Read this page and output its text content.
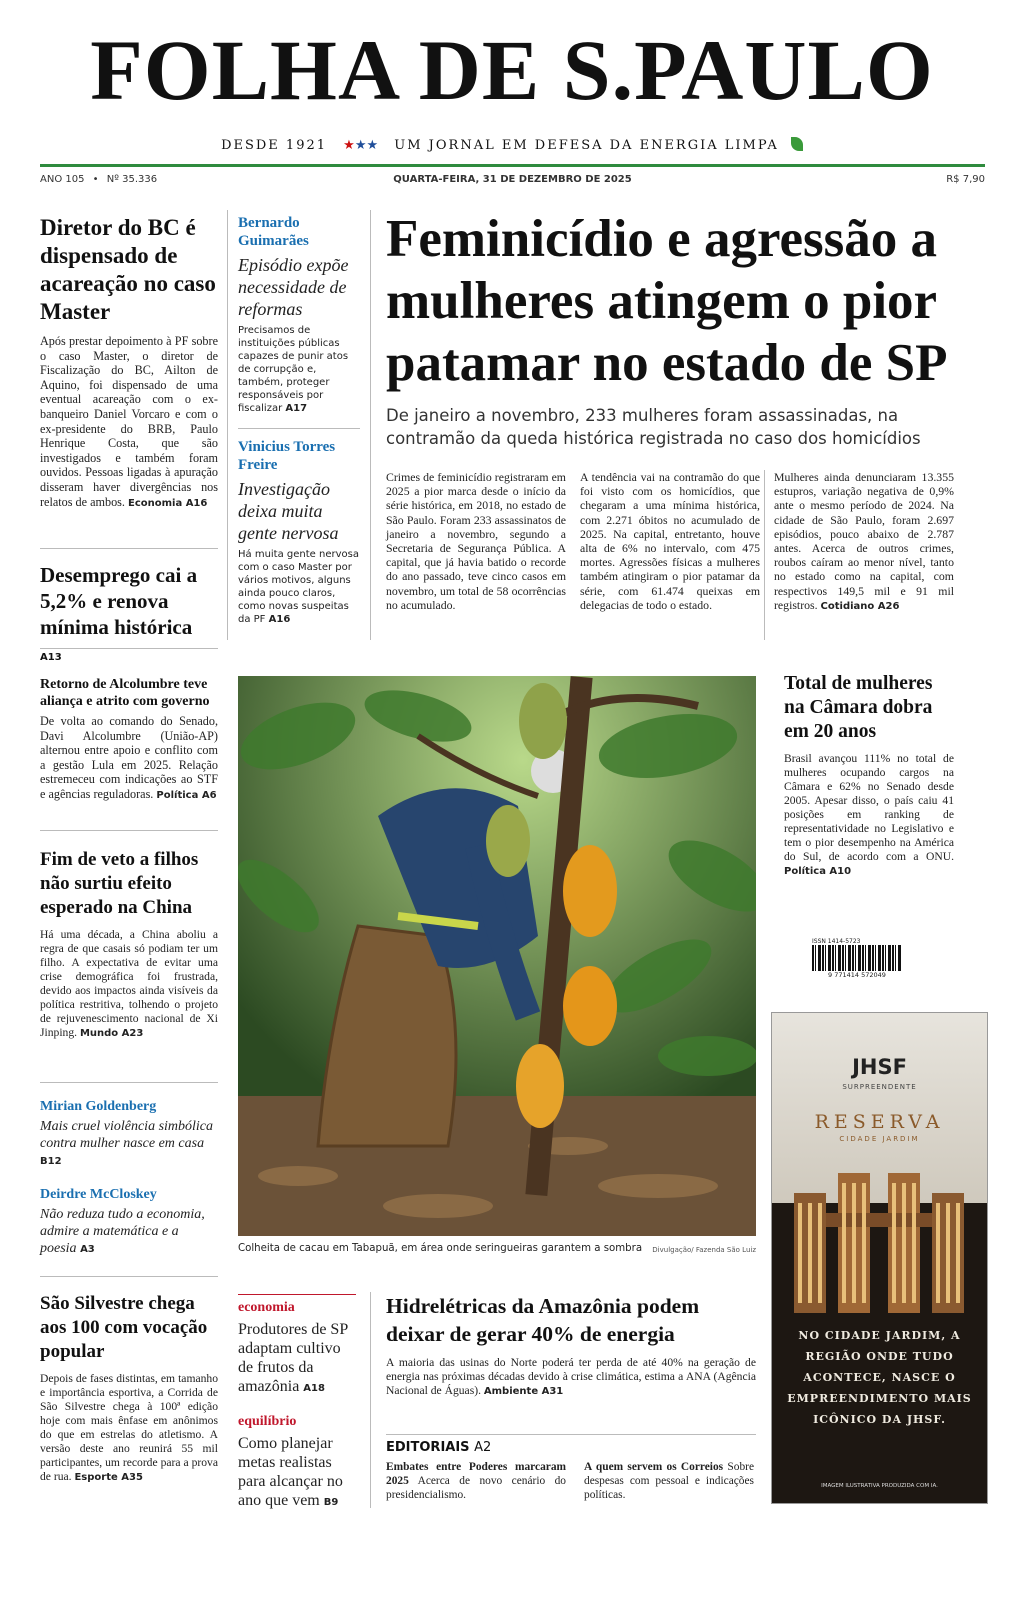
FOLHA DE S.PAULO
DESDE 1921 ★★★ UM JORNAL EM DEFESA DA ENERGIA LIMPA
ANO 105 • Nº 35.336	QUARTA-FEIRA, 31 DE DEZEMBRO DE 2025	R$ 7,90
Diretor do BC é dispensado de acareação no caso Master
Após prestar depoimento à PF sobre o caso Master, o diretor de Fiscalização do BC, Ailton de Aquino, foi dispensado de uma eventual acareação com o ex-banqueiro Daniel Vorcaro e com o ex-presidente do BRB, Paulo Henrique Costa, que são investigados e também foram ouvidos. Pessoas ligadas à apuração disseram haver divergências nos relatos de ambos. Economia A16
Desemprego cai a 5,2% e renova mínima histórica A13
Retorno de Alcolumbre teve aliança e atrito com governo
De volta ao comando do Senado, Davi Alcolumbre (União-AP) alternou entre apoio e conflito com a gestão Lula em 2025. Relação estremeceu com indicações ao STF e agências reguladoras. Política A6
Fim de veto a filhos não surtiu efeito esperado na China
Há uma década, a China aboliu a regra de que casais só podiam ter um filho. A expectativa de evitar uma crise demográfica foi frustrada, devido aos impactos ainda visíveis da política restritiva, tolhendo o projeto de rejuvenescimento nacional de Xi Jinping. Mundo A23
Mirian Goldenberg
Mais cruel violência simbólica contra mulher nasce em casa B12
Deirdre McCloskey
Não reduza tudo a economia, admire a matemática e a poesia A3
São Silvestre chega aos 100 com vocação popular
Depois de fases distintas, em tamanho e importância esportiva, a Corrida de São Silvestre chega à 100ª edição hoje com mais ênfase em anônimos do que em estrelas do atletismo. A versão deste ano reunirá 55 mil participantes, um recorde para a prova de rua. Esporte A35
Bernardo Guimarães
Episódio expõe necessidade de reformas
Precisamos de instituições públicas capazes de punir atos de corrupção e, também, proteger responsáveis por fiscalizar A17
Vinicius Torres Freire
Investigação deixa muita gente nervosa
Há muita gente nervosa com o caso Master por vários motivos, alguns ainda pouco claros, como novas suspeitas da PF A16
Feminicídio e agressão a mulheres atingem o pior patamar no estado de SP
De janeiro a novembro, 233 mulheres foram assassinadas, na contramão da queda histórica registrada no caso dos homicídios
Crimes de feminicídio registraram em 2025 a pior marca desde o início da série histórica, em 2018, no estado de São Paulo. Foram 233 assassinatos de janeiro a novembro, segundo a Secretaria de Segurança Pública. A capital, que já havia batido o recorde do ano passado, teve cinco casos em novembro, um total de 58 ocorrências no acumulado.
A tendência vai na contramão do que foi visto com os homicídios, que chegaram a uma mínima histórica, com 2.271 óbitos no acumulado de 2025. Na capital, entretanto, houve alta de 6% no intervalo, com 475 mortes. Agressões físicas a mulheres também atingiram o pior patamar da série, com 61.474 queixas em delegacias de todo o estado.
Mulheres ainda denunciaram 13.355 estupros, variação negativa de 0,9% ante o mesmo período de 2024. Na cidade de São Paulo, foram 2.697 episódios, pouco abaixo de 2.787 antes. Acerca de outros crimes, roubos caíram ao menor nível, tanto no estado como na capital, com respectivos 149,5 mil e 91 mil registros. Cotidiano A26
Colheita de cacau em Tabapuã, em área onde seringueiras garantem a sombra	Divulgação/ Fazenda São Luiz
Total de mulheres na Câmara dobra em 20 anos
Brasil avançou 111% no total de mulheres ocupando cargos na Câmara e 62% no Senado desde 2005. Apesar disso, o país caiu 41 posições em ranking de representatividade no Legislativo e tem o pior desempenho na América do Sul, de acordo com a ONU. Política A10
ISSN 1414-5723
9 771414 572049
JHSF
SURPREENDENTE
RESERVA
CIDADE JARDIM
NO CIDADE JARDIM, A REGIÃO ONDE TUDO ACONTECE, NASCE O EMPREENDIMENTO MAIS ICÔNICO DA JHSF.
IMAGEM ILUSTRATIVA PRODUZIDA COM IA.
economia
Produtores de SP adaptam cultivo de frutos da amazônia A18
equilíbrio
Como planejar metas realistas para alcançar no ano que vem B9
Hidrelétricas da Amazônia podem deixar de gerar 40% de energia
A maioria das usinas do Norte poderá ter perda de até 40% na geração de energia nas próximas décadas devido à crise climática, estima a ANA (Agência Nacional de Águas). Ambiente A31
EDITORIAIS A2
Embates entre Poderes marcaram 2025 Acerca de novo cenário do presidencialismo.
A quem servem os Correios Sobre despesas com pessoal e indicações políticas.
